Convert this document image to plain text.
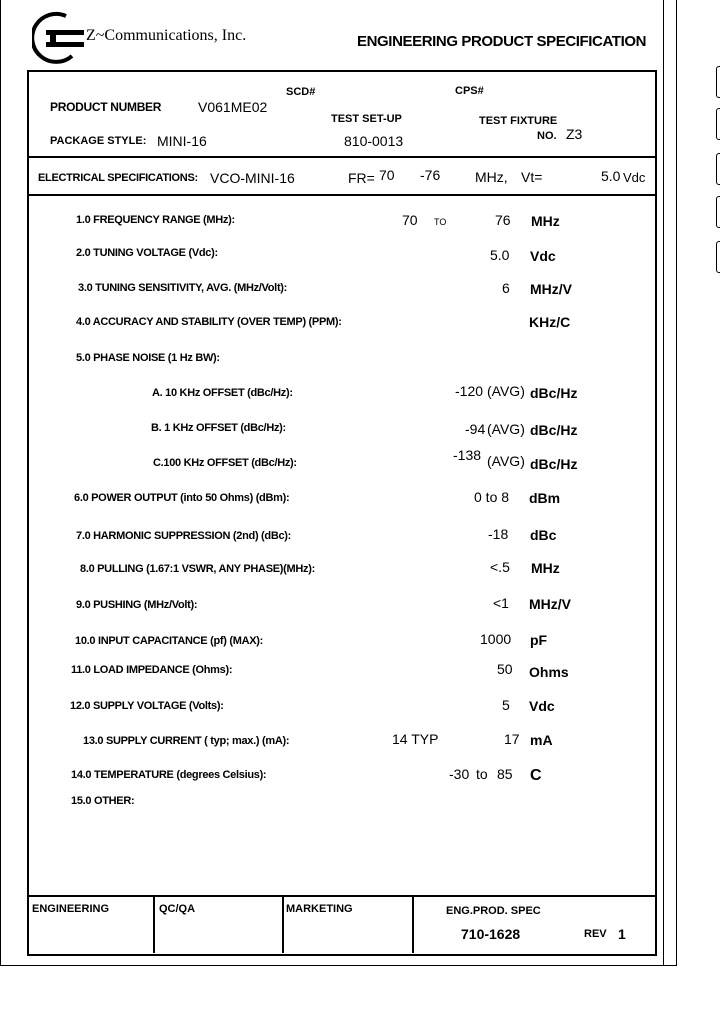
Z~Communications, Inc.	ENGINEERING PRODUCT SPECIFICATION
PRODUCT NUMBER	V061ME02
SCD#	CPS#
TEST SET-UP
810-0013
TEST FIXTURE
NO. Z3
PACKAGE STYLE: MINI-16
ELECTRICAL SPECIFICATIONS: VCO-MINI-16	FR= 70 -76 MHz, Vt=	5.0 Vdc
1.0 FREQUENCY RANGE (MHz):	70 TO	76 MHz
2.0 TUNING VOLTAGE (Vdc):	5.0 Vdc
3.0 TUNING SENSITIVITY, AVG. (MHz/Volt):	6 MHz/V
4.0 ACCURACY AND STABILITY (OVER TEMP) (PPM):	KHz/C
5.0 PHASE NOISE (1 Hz BW):
A. 10 KHz OFFSET (dBc/Hz):	-120 (AVG) dBc/Hz
B. 1 KHz OFFSET (dBc/Hz):	-94 (AVG) dBc/Hz
C.100 KHz OFFSET (dBc/Hz):	-138 (AVG) dBc/Hz
6.0 POWER OUTPUT (into 50 Ohms) (dBm):	0 to 8 dBm
7.0 HARMONIC SUPPRESSION (2nd) (dBc):	-18 dBc
8.0 PULLING (1.67:1 VSWR, ANY PHASE)(MHz):	<.5 MHz
9.0 PUSHING (MHz/Volt):	<1 MHz/V
10.0 INPUT CAPACITANCE (pf) (MAX):	1000 pF
11.0 LOAD IMPEDANCE (Ohms):	50 Ohms
12.0 SUPPLY VOLTAGE (Volts):	5 Vdc
13.0 SUPPLY CURRENT ( typ; max.) (mA):	14 TYP	17 mA
14.0 TEMPERATURE (degrees Celsius):	-30 to 85 C
15.0 OTHER:
ENGINEERING	QC/QA	MARKETING	ENG.PROD. SPEC
710-1628	REV 1
